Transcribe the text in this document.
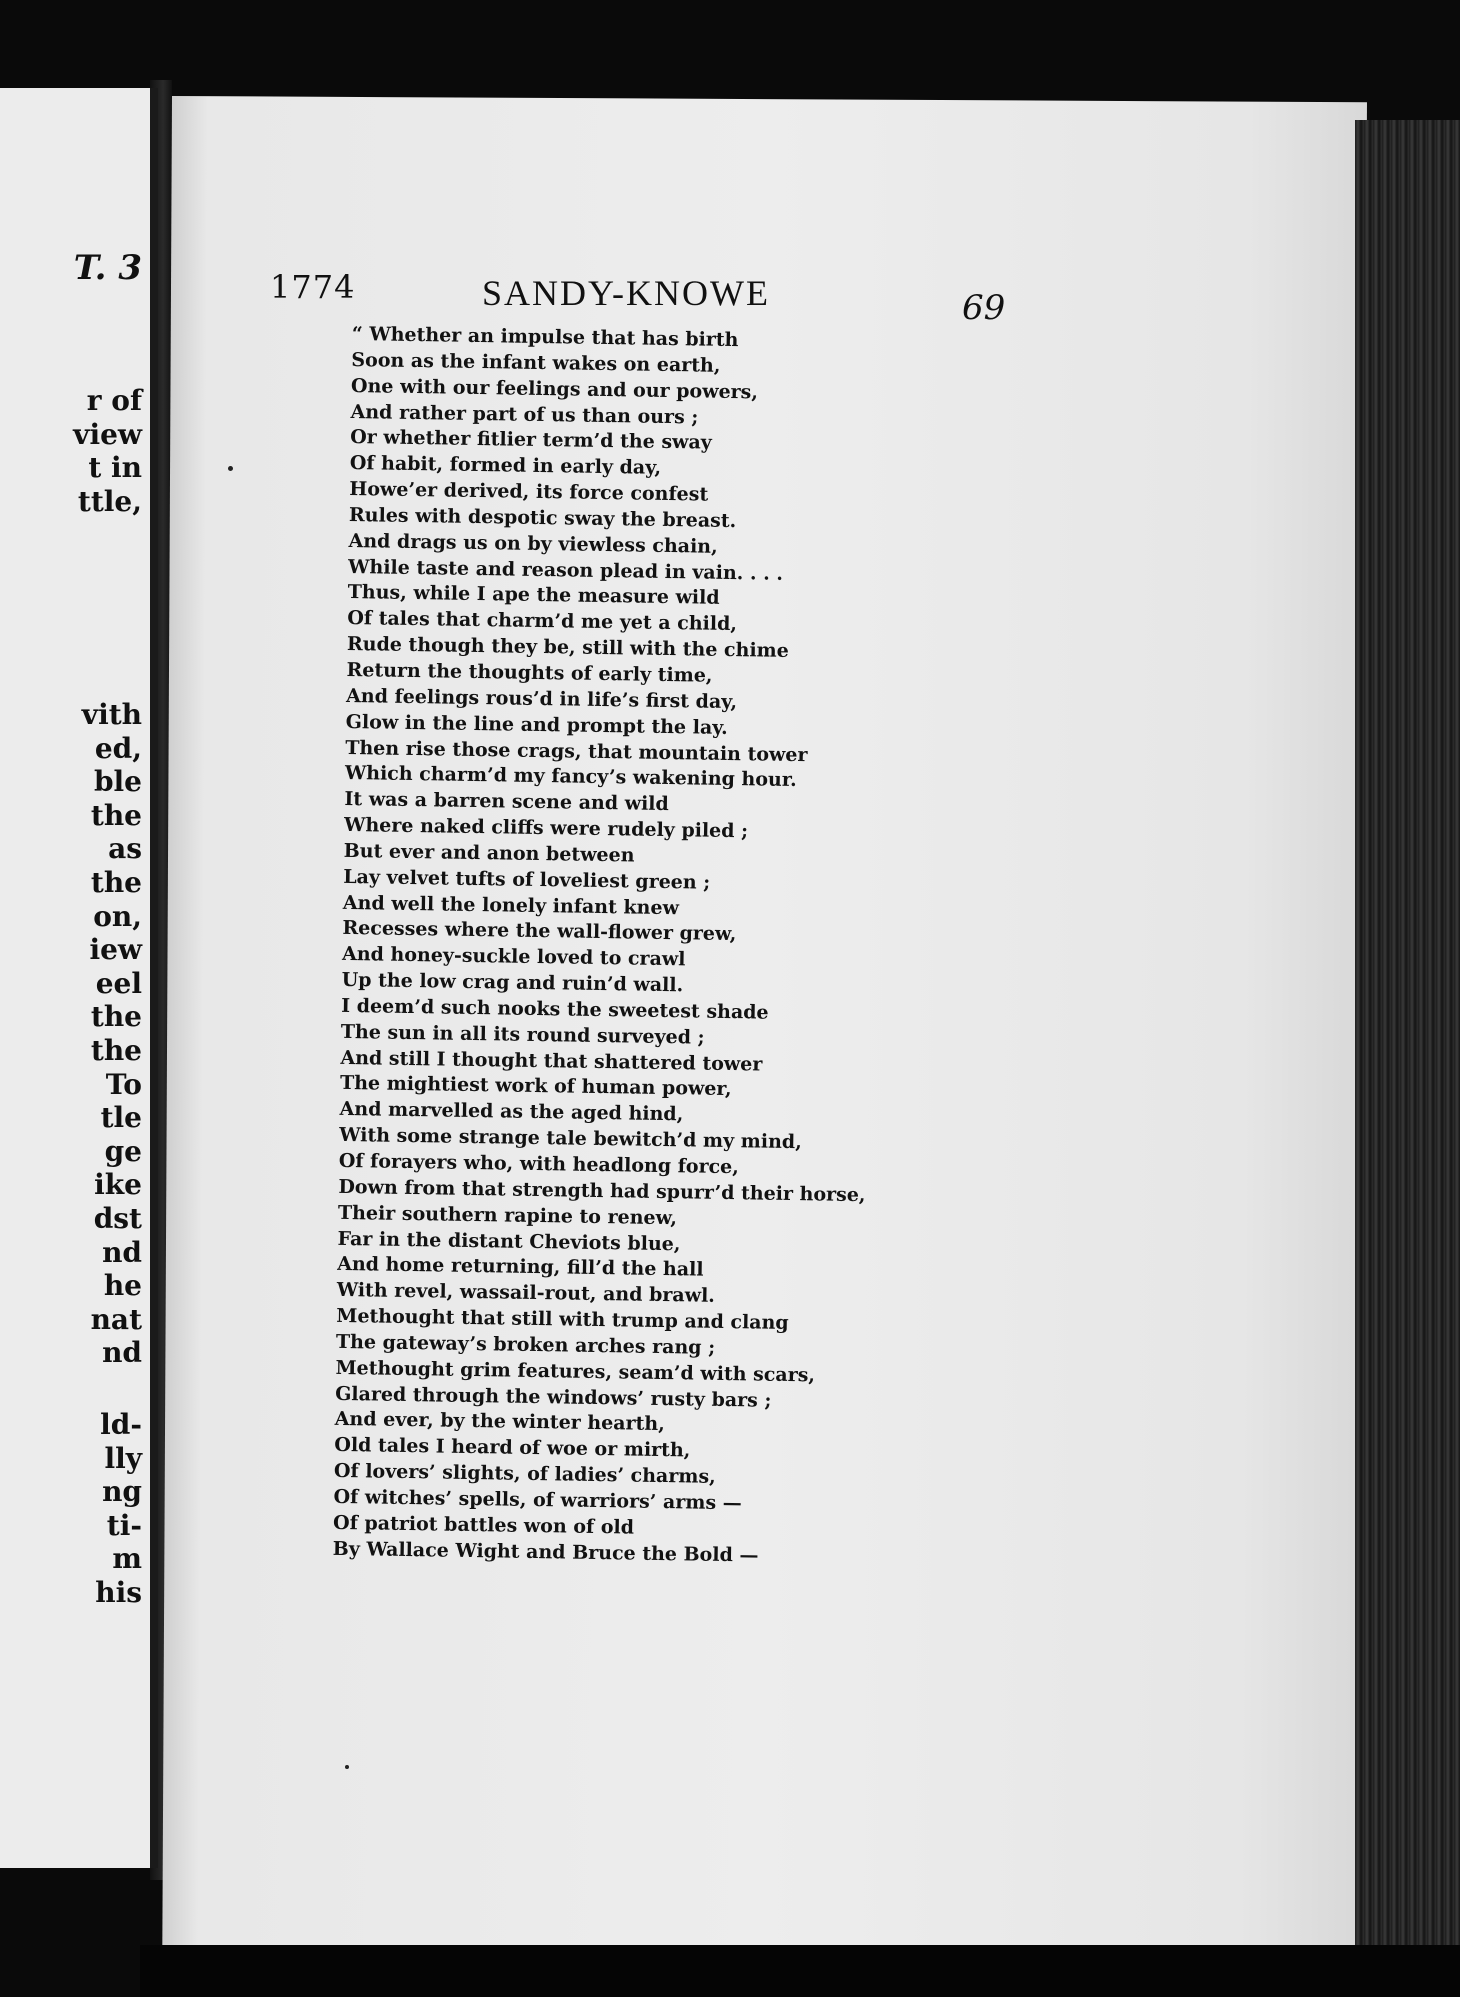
T. 3
r of
view
t in
ttle,
vith
ed,
ble
the
as
the
on,
iew
eel
the
the
To
tle
ge
ike
dst
nd
he
nat
nd
ld-
lly
ng
ti-
m
his
1774	SANDY-KNOWE	69
“ Whether an impulse that has birth
Soon as the infant wakes on earth,
One with our feelings and our powers,
And rather part of us than ours ;
Or whether fitlier term’d the sway
Of habit, formed in early day,
Howe’er derived, its force confest
Rules with despotic sway the breast.
And drags us on by viewless chain,
While taste and reason plead in vain. . . .
Thus, while I ape the measure wild
Of tales that charm’d me yet a child,
Rude though they be, still with the chime
Return the thoughts of early time,
And feelings rous’d in life’s first day,
Glow in the line and prompt the lay.
Then rise those crags, that mountain tower
Which charm’d my fancy’s wakening hour.
It was a barren scene and wild
Where naked cliffs were rudely piled ;
But ever and anon between
Lay velvet tufts of loveliest green ;
And well the lonely infant knew
Recesses where the wall-flower grew,
And honey-suckle loved to crawl
Up the low crag and ruin’d wall.
I deem’d such nooks the sweetest shade
The sun in all its round surveyed ;
And still I thought that shattered tower
The mightiest work of human power,
And marvelled as the aged hind,
With some strange tale bewitch’d my mind,
Of forayers who, with headlong force,
Down from that strength had spurr’d their horse,
Their southern rapine to renew,
Far in the distant Cheviots blue,
And home returning, fill’d the hall
With revel, wassail-rout, and brawl.
Methought that still with trump and clang
The gateway’s broken arches rang ;
Methought grim features, seam’d with scars,
Glared through the windows’ rusty bars ;
And ever, by the winter hearth,
Old tales I heard of woe or mirth,
Of lovers’ slights, of ladies’ charms,
Of witches’ spells, of warriors’ arms —
Of patriot battles won of old
By Wallace Wight and Bruce the Bold —
